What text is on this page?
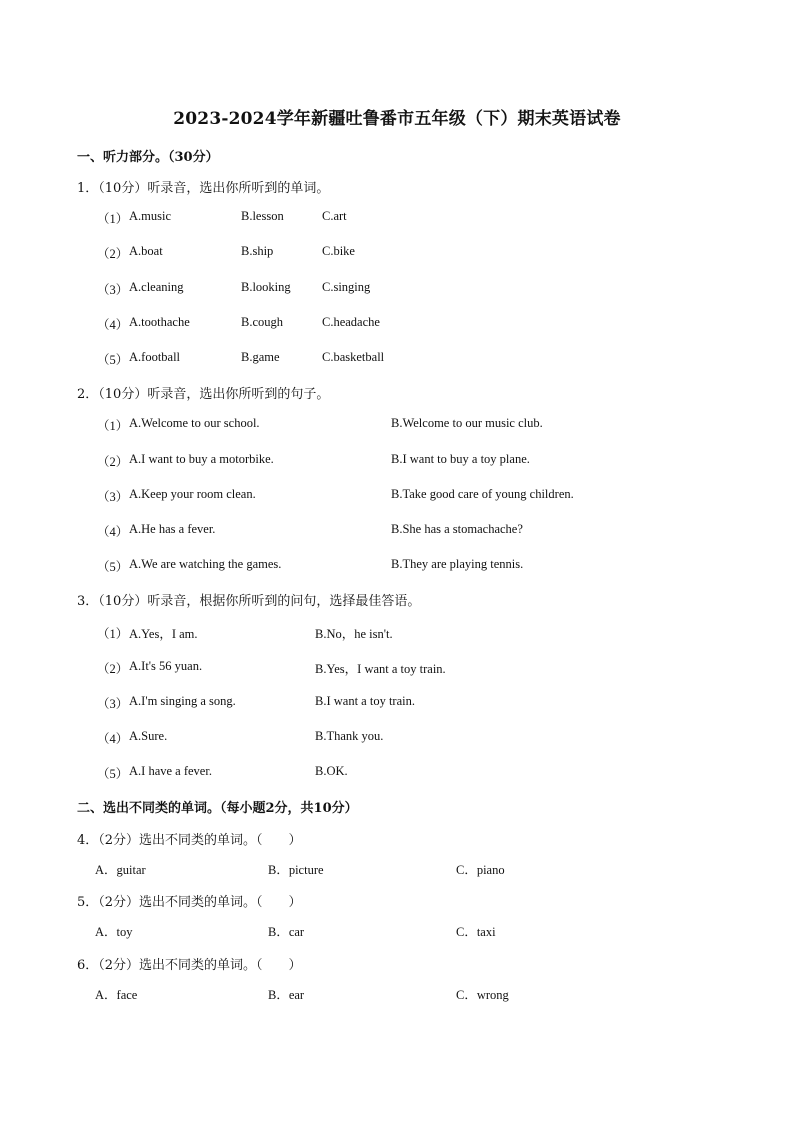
2023-2024学年新疆吐鲁番市五年级（下）期末英语试卷
一、听力部分。（30分）
1．（10分）听录音，选出你所听到的单词。
（1） A.music	B.lesson	C.art
（2） A.boat	B.ship	C.bike
（3） A.cleaning	B.looking	C.singing
（4） A.toothache	B.cough	C.headache
（5） A.football	B.game	C.basketball
2．（10分）听录音，选出你所听到的句子。
（1） A.Welcome to our school.	B.Welcome to our music club.
（2） A.I want to buy a motorbike.	B.I want to buy a toy plane.
（3） A.Keep your room clean.	B.Take good care of young children.
（4） A.He has a fever.	B.She has a stomachache?
（5） A.We are watching the games.	B.They are playing tennis.
3．（10分）听录音，根据你所听到的问句，选择最佳答语。
（1） A.Yes，I am.	B.No，he isn't.
（2） A.It's 56 yuan.	B.Yes，I want a toy train.
（3） A.I'm singing a song.	B.I want a toy train.
（4） A.Sure.	B.Thank you.
（5） A.I have a fever.	B.OK.
二、选出不同类的单词。（每小题2分，共10分）
4．（2分）选出不同类的单词。（　　）
A．guitar	B．picture	C．piano
5．（2分）选出不同类的单词。（　　）
A．toy	B．car	C．taxi
6．（2分）选出不同类的单词。（　　）
A．face	B．ear	C．wrong
